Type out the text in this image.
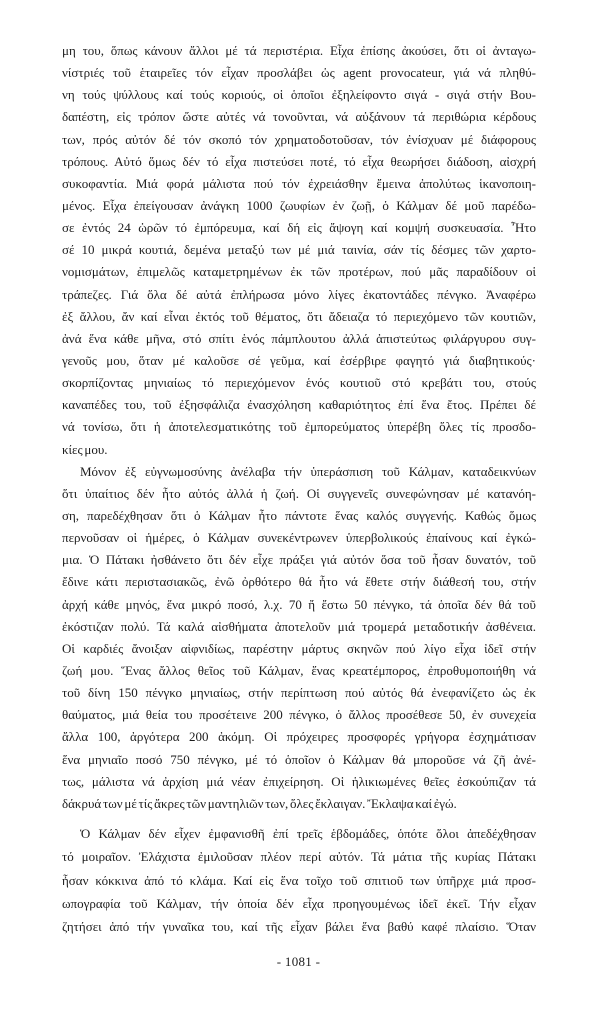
μη του, ὅπως κάνουν ἄλλοι μέ τά περιστέρια. Εἶχα ἐπίσης ἀκούσει, ὅτι οἱ ἀνταγω-
νίστριές τοῦ ἑταιρεῖες τόν εἶχαν προσλάβει ὡς agent provocateur, γιά νά πληθύ-
νη τούς ψύλλους καί τούς κοριούς, οἱ ὁποῖοι ἐξηλείφοντο σιγά - σιγά στήν Βου-
δαπέστη, εἰς τρόπον ὥστε αὐτές νά τονοῦνται, νά αὐξάνουν τά περιθώρια κέρδους
των, πρός αὐτόν δέ τόν σκοπό τόν χρηματοδοτοῦσαν, τόν ἐνίσχυαν μέ διάφορους
τρόπους. Αὐτό ὅμως δέν τό εἶχα πιστεύσει ποτέ, τό εἶχα θεωρήσει διάδοση, αἰσχρή
συκοφαντία. Μιά φορά μάλιστα πού τόν ἐχρειάσθην ἔμεινα ἀπολύτως ἱκανοποιη-
μένος. Εἶχα ἐπείγουσαν ἀνάγκη 1000 ζωυφίων ἐν ζωῇ, ὁ Κάλμαν δέ μοῦ παρέδω-
σε ἐντός 24 ὡρῶν τό ἐμπόρευμα, καί δή εἰς ἄψογη καί κομψή συσκευασία. Ἦτο
σέ 10 μικρά κουτιά, δεμένα μεταξύ των μέ μιά ταινία, σάν τίς δέσμες τῶν χαρτο-
νομισμάτων, ἐπιμελῶς καταμετρημένων ἐκ τῶν προτέρων, πού μᾶς παραδίδουν οἱ
τράπεζες. Γιά ὅλα δέ αὐτά ἐπλήρωσα μόνο λίγες ἑκατοντάδες πένγκο. Ἀναφέρω
ἐξ ἄλλου, ἄν καί εἶναι ἐκτός τοῦ θέματος, ὅτι ἄδειαζα τό περιεχόμενο τῶν κουτιῶν,
ἀνά ἕνα κάθε μῆνα, στό σπίτι ἑνός πάμπλουτου ἀλλά ἀπιστεύτως φιλάργυρου συγ-
γενοῦς μου, ὅταν μέ καλοῦσε σέ γεῦμα, καί ἐσέρβιρε φαγητό γιά διαβητικούς·
σκορπίζοντας μηνιαίως τό περιεχόμενον ἑνός κουτιοῦ στό κρεβάτι του, στούς
καναπέδες του, τοῦ ἐξησφάλιζα ἐνασχόληση καθαριότητος ἐπί ἕνα ἔτος. Πρέπει δέ
νά τονίσω, ὅτι ἡ ἀποτελεσματικότης τοῦ ἐμπορεύματος ὑπερέβη ὅλες τίς προσδο-
κίες μου.
Μόνον ἐξ εὐγνωμοσύνης ἀνέλαβα τήν ὑπεράσπιση τοῦ Κάλμαν, καταδεικνύων
ὅτι ὑπαίτιος δέν ἦτο αὐτός ἀλλά ἡ ζωή. Οἱ συγγενεῖς συνεφώνησαν μέ κατανόη-
ση, παρεδέχθησαν ὅτι ὁ Κάλμαν ἦτο πάντοτε ἕνας καλός συγγενής. Καθώς ὅμως
περνοῦσαν οἱ ἡμέρες, ὁ Κάλμαν συνεκέντρωνεν ὑπερβολικούς ἐπαίνους καί ἐγκώ-
μια. Ὁ Πάτακι ἠσθάνετο ὅτι δέν εἶχε πράξει γιά αὐτόν ὅσα τοῦ ἦσαν δυνατόν, τοῦ
ἔδινε κάτι περιστασιακῶς, ἐνῶ ὀρθότερο θά ἦτο νά ἔθετε στήν διάθεσή του, στήν
ἀρχή κάθε μηνός, ἕνα μικρό ποσό, λ.χ. 70 ἤ ἔστω 50 πένγκο, τά ὁποῖα δέν θά τοῦ
ἐκόστιζαν πολύ. Τά καλά αἰσθήματα ἀποτελοῦν μιά τρομερά μεταδοτικήν ἀσθένεια.
Οἱ καρδιές ἄνοιξαν αἰφνιδίως, παρέστην μάρτυς σκηνῶν πού λίγο εἶχα ἰδεῖ στήν
ζωή μου. Ἕνας ἄλλος θεῖος τοῦ Κάλμαν, ἕνας κρεατέμπορος, ἐπροθυμοποιήθη νά
τοῦ δίνη 150 πένγκο μηνιαίως, στήν περίπτωση πού αὐτός θά ἐνεφανίζετο ὡς ἐκ
θαύματος, μιά θεία του προσέτεινε 200 πένγκο, ὁ ἄλλος προσέθεσε 50, ἐν συνεχεία
ἄλλα 100, ἀργότερα 200 ἀκόμη. Οἱ πρόχειρες προσφορές γρήγορα ἐσχημάτισαν
ἕνα μηνιαῖο ποσό 750 πένγκο, μέ τό ὁποῖον ὁ Κάλμαν θά μποροῦσε νά ζῆ ἀνέ-
τως, μάλιστα νά ἀρχίση μιά νέαν ἐπιχείρηση. Οἱ ἡλικιωμένες θεῖες ἐσκούπιζαν τά
δάκρυά των μέ τίς ἄκρες τῶν μαντηλιῶν των, ὅλες ἔκλαιγαν. Ἔκλαψα καί ἐγώ.
Ὁ Κάλμαν δέν εἶχεν ἐμφανισθῆ ἐπί τρεῖς ἑβδομάδες, ὁπότε ὅλοι ἀπεδέχθησαν
τό μοιραῖον. Ἐλάχιστα ἐμιλοῦσαν πλέον περί αὐτόν. Τά μάτια τῆς κυρίας Πάτακι
ἦσαν κόκκινα ἀπό τό κλάμα. Καί εἰς ἕνα τοῖχο τοῦ σπιτιοῦ των ὑπῆρχε μιά προσ-
ωπογραφία τοῦ Κάλμαν, τήν ὁποία δέν εἶχα προηγουμένως ἰδεῖ ἐκεῖ. Τήν εἶχαν
ζητήσει ἀπό τήν γυναῖκα του, καί τῆς εἶχαν βάλει ἕνα βαθύ καφέ πλαίσιο. Ὅταν
- 1081 -
